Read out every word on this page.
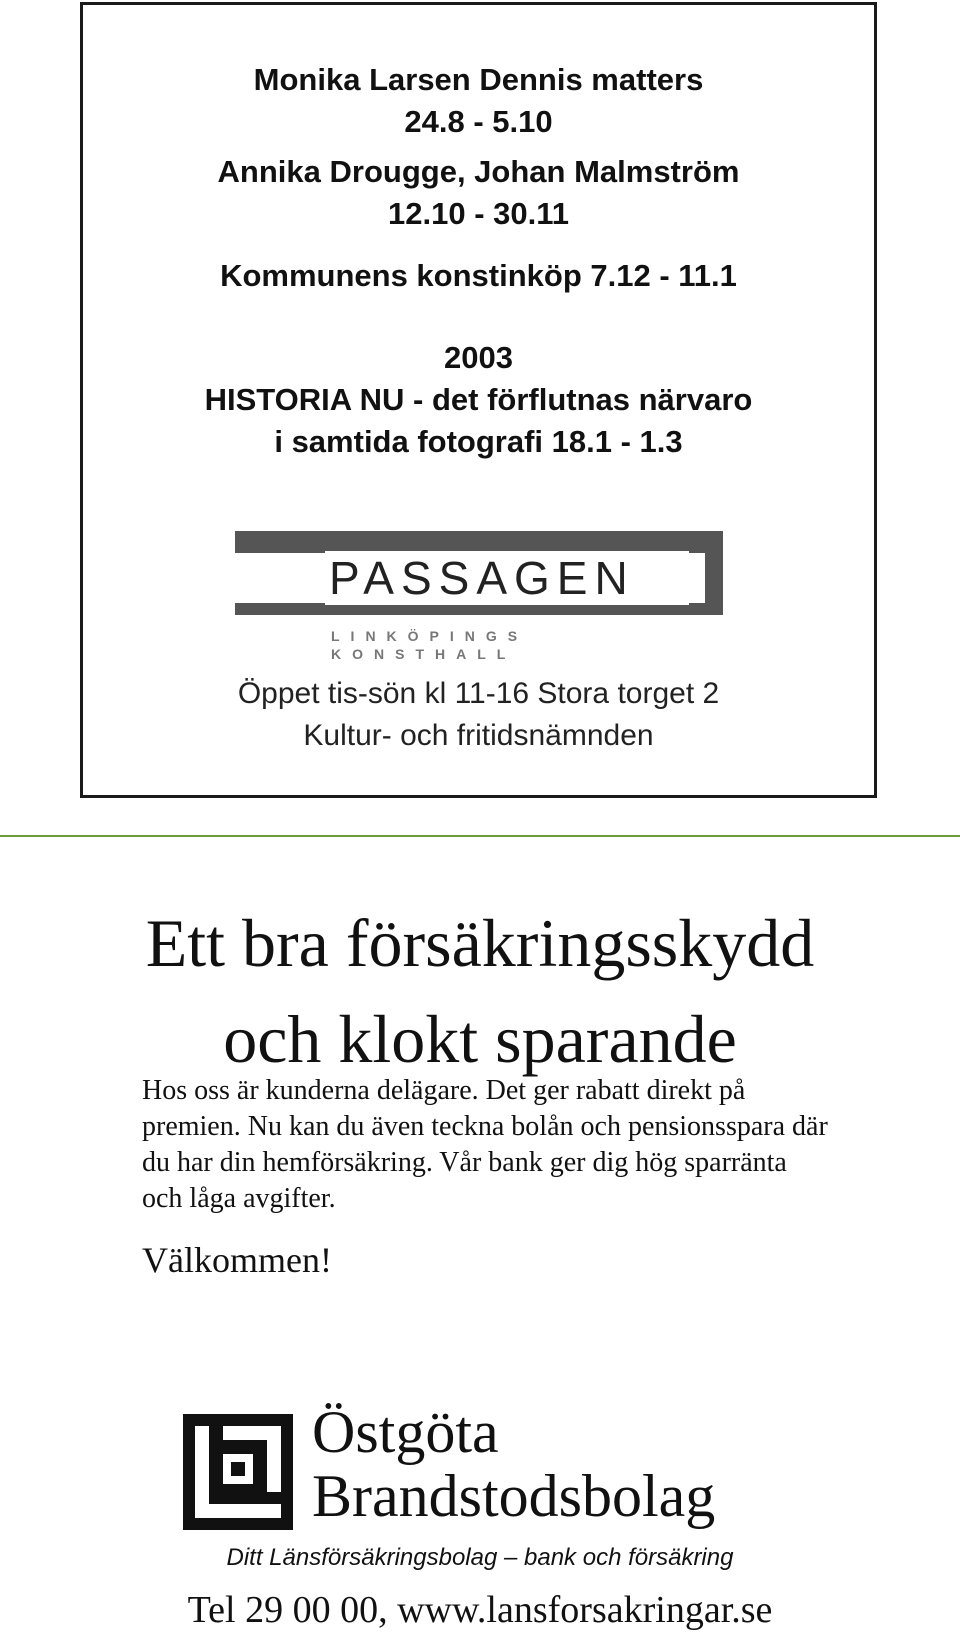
Monika Larsen Dennis matters
24.8 - 5.10
Annika Drougge, Johan Malmström
12.10 - 30.11
Kommunens konstinköp 7.12 - 11.1
2003
HISTORIA NU - det förflutnas närvaro
i samtida fotografi 18.1 - 1.3
PASSAGEN
LINKÖPINGS KONSTHALL
Öppet tis-sön kl 11-16 Stora torget 2
Kultur- och fritidsnämnden
Ett bra försäkringsskydd
och klokt sparande
Hos oss är kunderna delägare. Det ger rabatt direkt på premien. Nu kan du även teckna bolån och pensionsspara där du har din hemförsäkring. Vår bank ger dig hög sparränta och låga avgifter.
Välkommen!
Östgöta
Brandstodsbolag
Ditt Länsförsäkringsbolag – bank och försäkring
Tel 29 00 00, www.lansforsakringar.se
